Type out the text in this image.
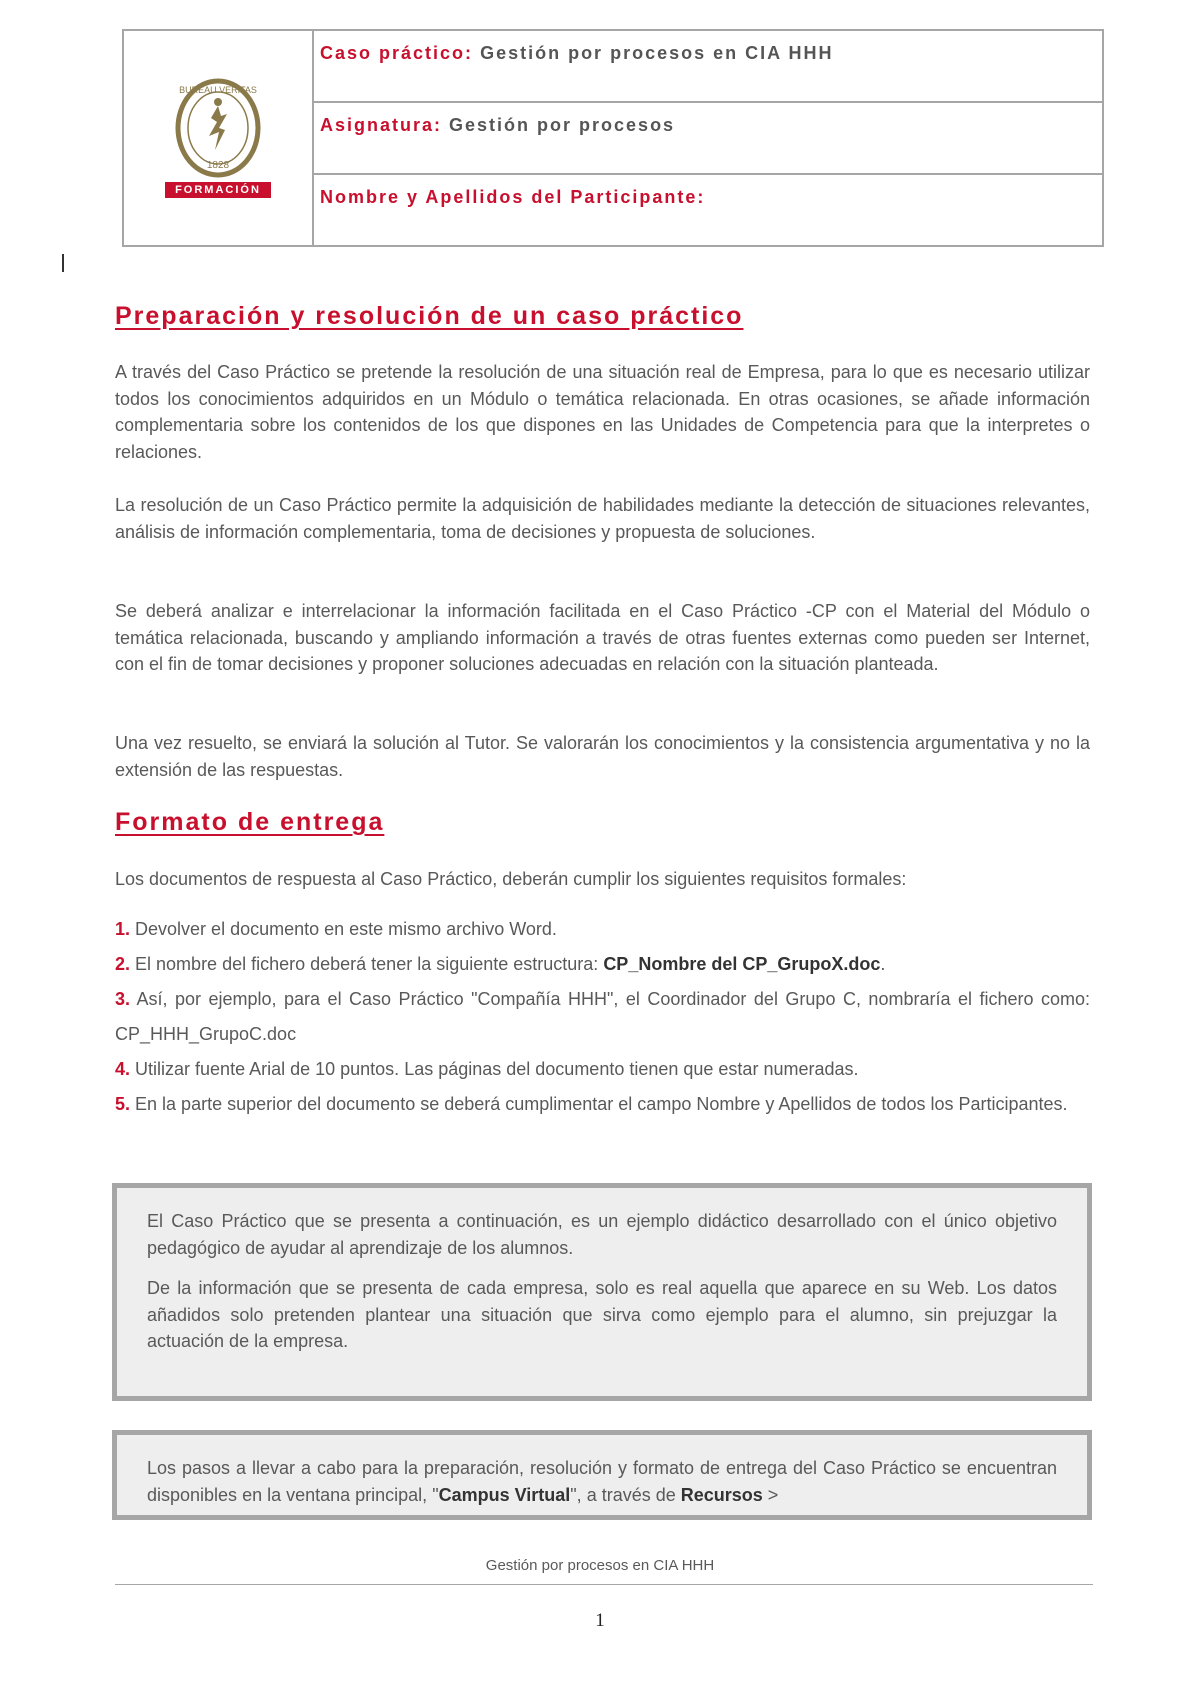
BUREAU VERITAS
1828
FORMACIÓN
Caso práctico: Gestión por procesos en CIA HHH
Asignatura: Gestión por procesos
Nombre y Apellidos del Participante:
Preparación y resolución de un caso práctico
A través del Caso Práctico se pretende la resolución de una situación real de Empresa, para lo que es necesario utilizar todos los conocimientos adquiridos en un Módulo o temática relacionada. En otras ocasiones, se añade información complementaria sobre los contenidos de los que dispones en las Unidades de Competencia para que la interpretes o relaciones.
La resolución de un Caso Práctico permite la adquisición de habilidades mediante la detección de situaciones relevantes, análisis de información complementaria, toma de decisiones y propuesta de soluciones.
Se deberá analizar e interrelacionar la información facilitada en el Caso Práctico -CP con el Material del Módulo o temática relacionada, buscando y ampliando información a través de otras fuentes externas como pueden ser Internet, con el fin de tomar decisiones y proponer soluciones adecuadas en relación con la situación planteada.
Una vez resuelto, se enviará la solución al Tutor. Se valorarán los conocimientos y la consistencia argumentativa y no la extensión de las respuestas.
Formato de entrega
Los documentos de respuesta al Caso Práctico, deberán cumplir los siguientes requisitos formales:
1. Devolver el documento en este mismo archivo Word.
2. El nombre del fichero deberá tener la siguiente estructura: CP_Nombre del CP_GrupoX.doc.
3. Así, por ejemplo, para el Caso Práctico "Compañía HHH", el Coordinador del Grupo C, nombraría el fichero como: CP_HHH_GrupoC.doc
4. Utilizar fuente Arial de 10 puntos. Las páginas del documento tienen que estar numeradas.
5. En la parte superior del documento se deberá cumplimentar el campo Nombre y Apellidos de todos los Participantes.

El Caso Práctico que se presenta a continuación, es un ejemplo didáctico desarrollado con el único objetivo pedagógico de ayudar al aprendizaje de los alumnos.

De la información que se presenta de cada empresa, solo es real aquella que aparece en su Web. Los datos añadidos solo pretenden plantear una situación que sirva como ejemplo para el alumno, sin prejuzgar la actuación de la empresa.

Los pasos a llevar a cabo para la preparación, resolución y formato de entrega del Caso Práctico se encuentran disponibles en la ventana principal, "Campus Virtual", a través de Recursos >
Gestión por procesos en CIA HHH
1
